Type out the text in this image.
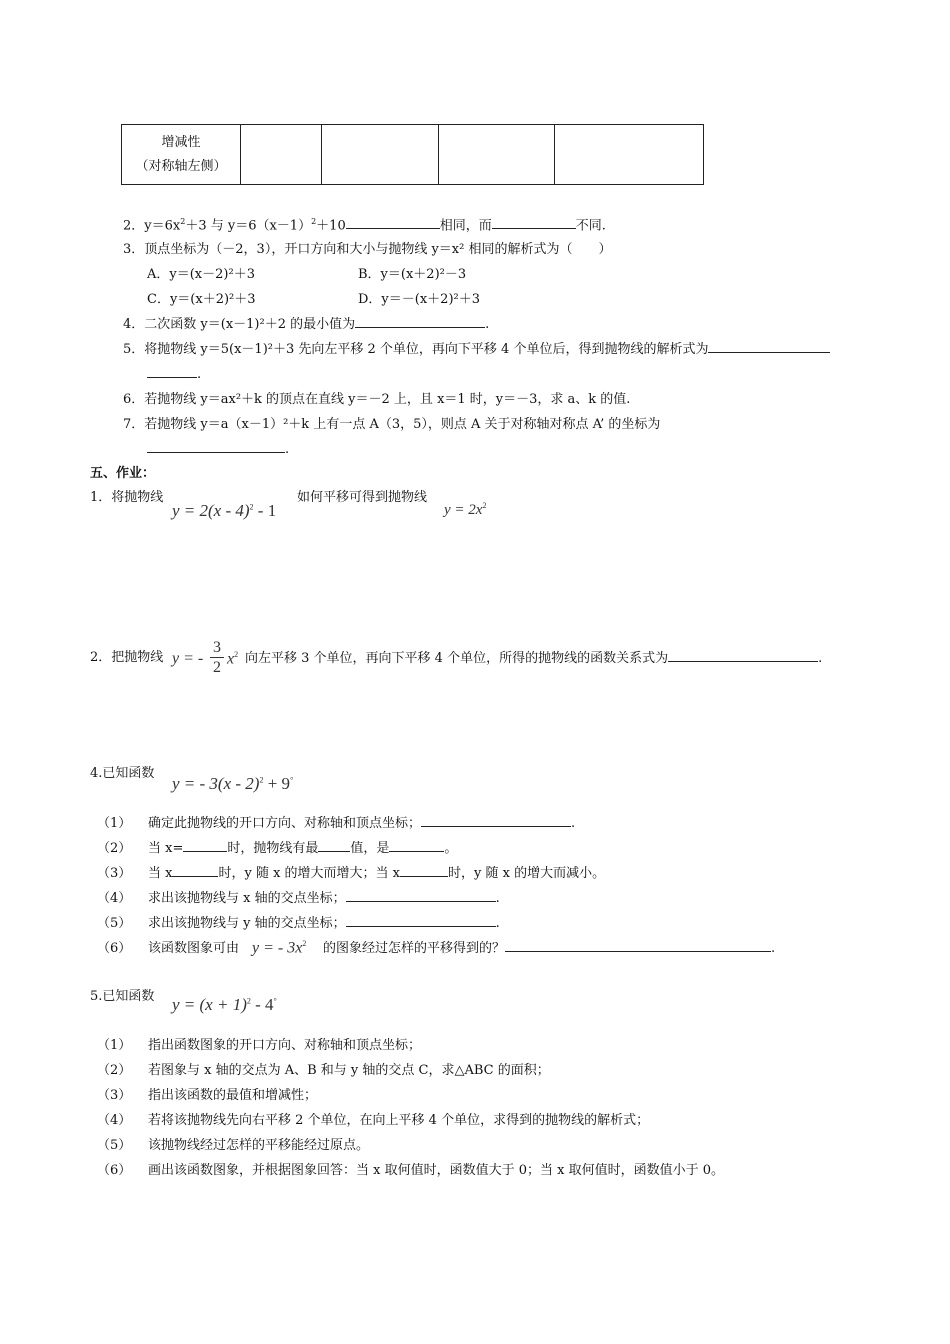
增减性
（对称轴左侧）

2．$y=6x^2+3$ 与 $y=6(x-1)^2+10$	相同，而	不同.
3．顶点坐标为（－2，3），开口方向和大小与抛物线 y＝x² 相同的解析式为（　　）
A．y＝(x－2)²＋3	B．y＝(x＋2)²－3
C．y＝(x＋2)²＋3	D．y＝－(x＋2)²＋3
4．二次函数 y＝(x－1)²＋2 的最小值为	.
5．将抛物线 y＝5(x－1)²＋3 先向左平移 2 个单位，再向下平移 4 个单位后，得到抛物线的解析式为
.
6．若抛物线 y＝ax²＋k 的顶点在直线 y＝－2 上，且 x＝1 时，y＝－3，求 a、k 的值.
7．若抛物线 y＝a（x－1）²＋k 上有一点 A（3，5），则点 A 关于对称轴对称点 A’ 的坐标为
.
五、作业：
1．将抛物线
y = 2(x - 4)$^2$ - 1
如何平移可得到抛物线
$y = 2x^2$
2．把抛物线 y = - $\frac{3}{2} x^2$ 向左平移 3 个单位，再向下平移 4 个单位，所得的抛物线的函数关系式为	.
4.已知函数
y = - 3(x - 2)$^2$ + 9°
（1） 确定此抛物线的开口方向、对称轴和顶点坐标；	.
（2） 当 x=	时，抛物线有最 值，是	。
（3） 当 x	时，y 随 x 的增大而增大；当 x	时，y 随 x 的增大而减小。
（4） 求出该抛物线与 x 轴的交点坐标；	.
（5） 求出该抛物线与 y 轴的交点坐标；	.
（6） 该函数图象可由 y = - $3x^2$ 的图象经过怎样的平移得到的？	.
5.已知函数 $y = (x + 1)^2 - 4^\circ$
（1） 指出函数图象的开口方向、对称轴和顶点坐标；
（2） 若图象与 x 轴的交点为 A、B 和与 y 轴的交点 C，求△ABC 的面积；
（3） 指出该函数的最值和增减性；
（4） 若将该抛物线先向右平移 2 个单位，在向上平移 4 个单位，求得到的抛物线的解析式；
（5） 该抛物线经过怎样的平移能经过原点。
（6） 画出该函数图象，并根据图象回答：当 x 取何值时，函数值大于 0；当 x 取何值时，函数值小于 0。
